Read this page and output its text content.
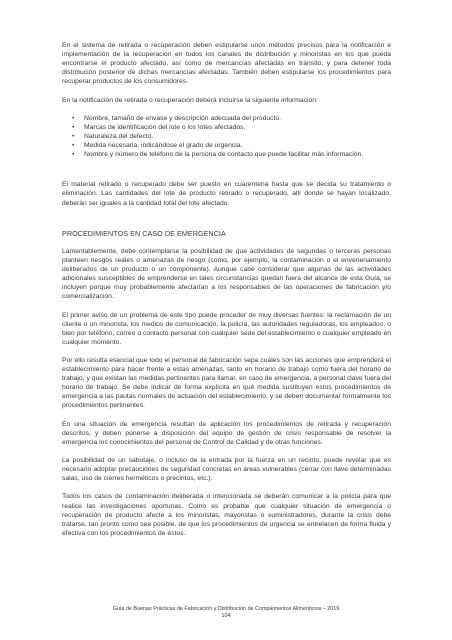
En el sistema de retirada o recuperación deben estipularse unos métodos precisos para la notificación e implementación de la recuperación en todos los canales de distribución y minoristas en los que pueda encontrarse el producto afectado, así como de mercancías afectadas en tránsito, y para detener toda distribución posterior de dichas mercancías afectadas. También deben estipularse los procedimientos para recuperar productos de los consumidores.

En la notificación de retirada o recuperación deberá incluirse la siguiente información:

• Nombre, tamaño de envase y descripción adecuada del producto.
• Marcas de identificación del lote o los lotes afectados.
• Naturaleza del defecto.
• Medida necesaria, indicándose el grado de urgencia.
• Nombre y número de teléfono de la persona de contacto que puede facilitar más información.

El material retirado o recuperado debe ser puesto en cuarentena hasta que se decida su tratamiento o eliminación. Las cantidades del lote de producto retirado o recuperado, allí donde se hayan localizado, deberán ser iguales a la cantidad total del lote afectado.

PROCEDIMIENTOS EN CASO DE EMERGENCIA

Lamentablemente, debe contemplarse la posibilidad de que actividades de segundas o terceras personas planteen riesgos reales o amenazas de riesgo (como, por ejemplo, la contaminación o el envenenamiento deliberados de un producto o un componente). Aunque cabe considerar que algunas de las actividades adicionales susceptibles de emprenderse en tales circunstancias quedan fuera del alcance de esta Guía, se incluyen porque muy probablemente afectarían a los responsables de las operaciones de fabricación y/o comercialización.

El primer aviso de un problema de este tipo puede proceder de muy diversas fuentes: la reclamación de un cliente o un minorista, los medios de comunicación, la policía, las autoridades reguladoras, los empleados, o bien por teléfono, correo o contacto personal con cualquier sede del establecimiento o cualquier empleado en cualquier momento.

Por ello resulta esencial que todo el personal de fabricación sepa cuáles son las acciones que emprenderá el establecimiento para hacer frente a estas amenazas, tanto en horario de trabajo como fuera del horario de trabajo, y que existan las medidas pertinentes para llamar, en caso de emergencia, a personal clave fuera del horario de trabajo. Se debe indicar de forma explícita en qué medida sustituyen estos procedimientos de emergencia a las pautas normales de actuación del establecimiento, y se deben documentar formalmente los procedimientos pertinentes.

En una situación de emergencia resultan de aplicación los procedimientos de retirada y recuperación descritos, y deben ponerse a disposición del equipo de gestión de crisis responsable de resolver la emergencia los conocimientos del personal de Control de Calidad y de otras funciones.

La posibilidad de un sabotaje, o incluso de la entrada por la fuerza en un recinto, puede revelar que es necesario adoptar precauciones de seguridad concretas en áreas vulnerables (cerrar con llave determinadas salas, uso de cierres herméticos o precintos, etc.).

Todos los casos de contaminación deliberada o intencionada se deberán comunicar a la policía para que realice las investigaciones oportunas. Como es probable que cualquier situación de emergencia o recuperación de producto afecte a los minoristas, mayoristas o suministradores, durante la crisis debe tratarse, tan pronto como sea posible, de que los procedimientos de urgencia se entrelacen de forma fluida y efectiva con los procedimientos de éstos.

Guía de Buenas Prácticas de Fabricación y Distribución de Complementos Alimenticios – 2019
104
